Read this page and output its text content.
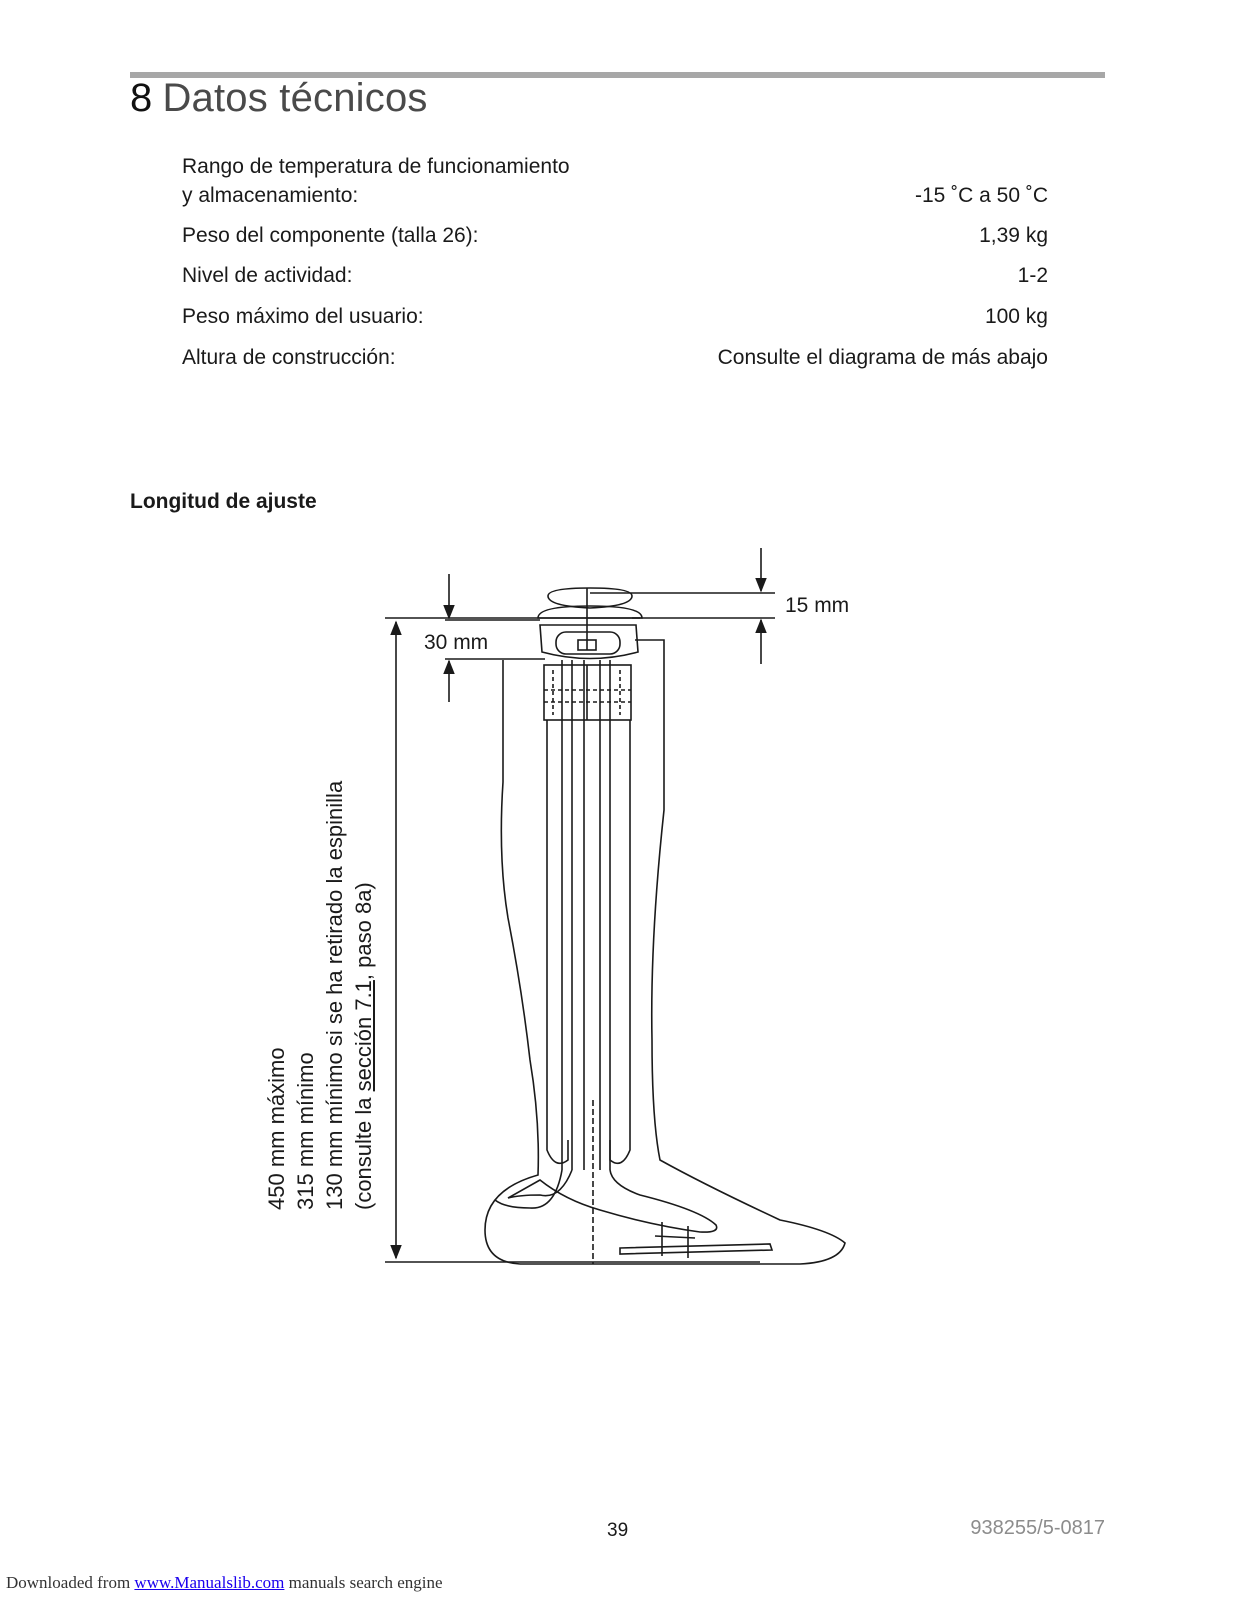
8 Datos técnicos
Rango de temperatura de funcionamiento
y almacenamiento:	-15 ˚C a 50 ˚C
Peso del componente (talla 26):	1,39 kg
Nivel de actividad:	1-2
Peso máximo del usuario:	100 kg
Altura de construcción:	Consulte el diagrama de más abajo
Longitud de ajuste
15 mm
30 mm
450 mm máximo 315 mm mínimo 130 mm mínimo si se ha retirado la espinilla (consulte la sección 7.1, paso 8a)
39	938255/5-0817
Downloaded from www.Manualslib.com manuals search engine
